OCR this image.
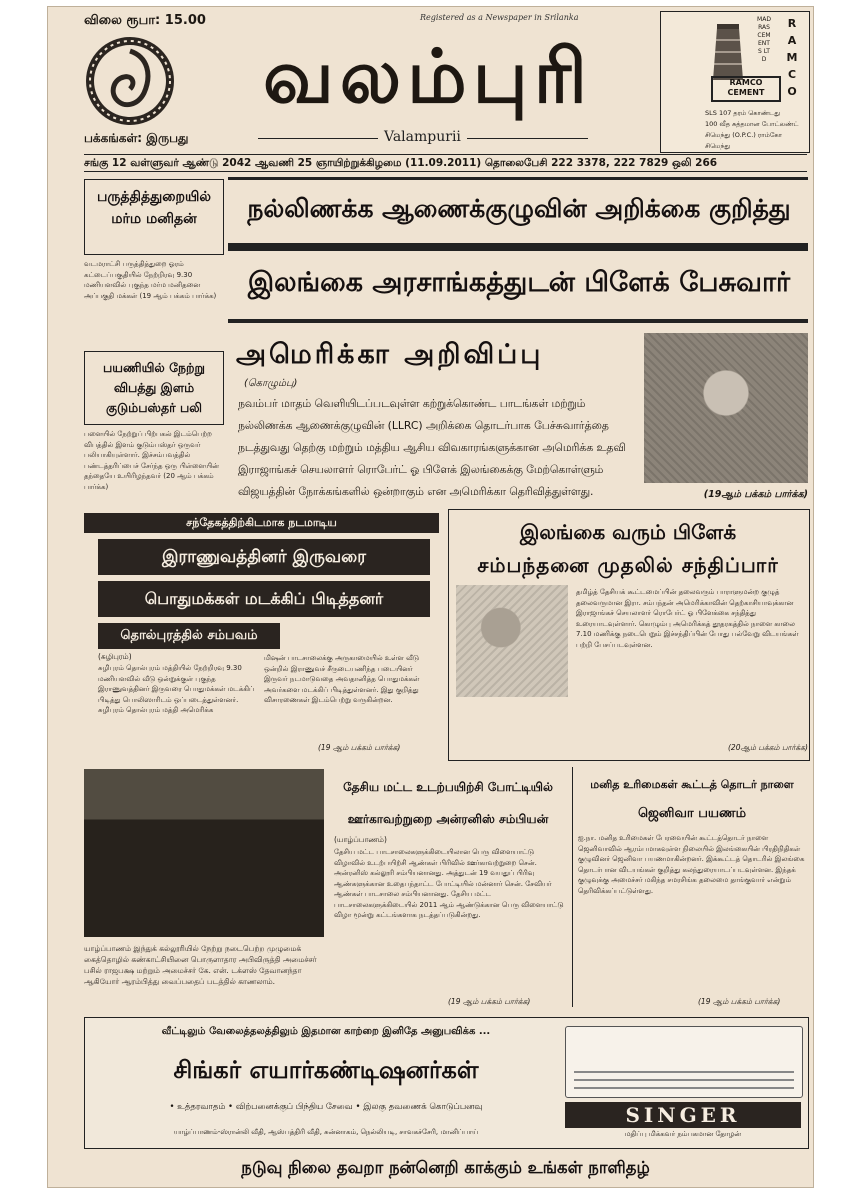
விலை ரூபா: 15.00	Registered as a Newspaper in Srilanka
வலம்புரி
Valampurii
பக்கங்கள்: இருபது
MADRAS CEMENTS LTD
RAMCO CEMENT
SLS 107 தரம் கொண்டது
100 வீத சுத்தமான போட்லண்ட்
சிமெந்து (O.P.C.) ராம்கோ சிமெந்து
R
A
M
C
O
சங்கு 12 வள்ளுவர் ஆண்டு 2042 ஆவணி 25 ஞாயிற்றுக்கிழமை (11.09.2011) தொலைபேசி 222 3378, 222 7829 ஒலி 266
பருத்தித்துறையில் மர்ம மனிதன்
வடமராட்சி பருத்தித்துறை ஓரம் கட்டைப்பகுதியில் நேற்றிரவு 9.30 மணியளவில் புகுந்த மர்ம மனிதனை அப்பகுதி மக்கள் (19 ஆம் பக்கம் பார்க்க)
பயணியில் நேற்று விபத்து இளம் குடும்பஸ்தர் பலி
பளையில் நேற்றுப் பிற்பகல் இடம்பெற்ற விபத்தில் இளம் குடும்பஸ்தர் ஒருவர் பலியாகியுள்ளார். இச்சம்பவத்தில் பண்டத்தரிப்பைச் சேர்ந்த ஒரு பிள்ளையின் தந்தையே உயிரிழந்தவர் (20 ஆம் பக்கம் பார்க்க)
நல்லிணக்க ஆணைக்குழுவின் அறிக்கை குறித்து
இலங்கை அரசாங்கத்துடன் பிளேக் பேசுவார்
அமெரிக்கா அறிவிப்பு
(கொழும்பு)
நவம்பர் மாதம் வெளியிடப்படவுள்ள கற்றுக்கொண்ட பாடங்கள் மற்றும் நல்லிணக்க ஆணைக்குழுவின் (LLRC) அறிக்கை தொடர்பாக பேச்சுவார்த்தை நடத்துவது தெற்கு மற்றும் மத்திய ஆசிய விவகாரங்களுக்கான அமெரிக்க உதவி இராஜாங்கச் செயலாளர் ரொபேர்ட் ஓ பிளேக் இலங்கைக்கு மேற்கொள்ளும் விஜயத்தின் நோக்கங்களில் ஒன்றாகும் என அமெரிக்கா தெரிவித்துள்ளது.	(19ஆம் பக்கம் பார்க்க)
சந்தேகத்திற்கிடமாக நடமாடிய
இராணுவத்தினர் இருவரை
பொதுமக்கள் மடக்கிப் பிடித்தனர்
தொல்புரத்தில் சம்பவம்
(சுழிபுரம்)
சுழிபுரம் தொல்புரம் மத்தியில் நேற்றிரவு 9.30 மணியளவில் வீடு ஒன்றுக்குள் புகுந்த இராணுவத்தினர் இருவரை பொதுமக்கள் மடக்கிப் பிடித்து பொலிஸாரிடம் ஒப்படைத்துள்ளனர். சுழிபுரம் தொல்புரம் மத்தி அமெரிக்க
மிஷன் பாடசாலைக்கு அருகாமையில் உள்ள வீடு ஒன்றில் இராணுவச் சீருடையணிந்த படையினர் இருவர் நடமாடுவதை அவதானித்த பொதுமக்கள் அவர்களை மடக்கிப் பிடித்துள்ளனர். இது குறித்து விசாரணைகள் இடம்பெற்று வருகின்றன.
(19 ஆம் பக்கம் பார்க்க)
இலங்கை வரும் பிளேக்
சம்பந்தனை முதலில் சந்திப்பார்
தமிழ்த் தேசியக் கூட்டமைப்பின் தலைவரும் பாராளுமன்ற குழுத் தலைவருமான இரா. சம்பந்தன் அமெரிக்காவின் தெற்காசியாவுக்கான இராஜாங்கச் செயலாளர் ரொபேர்ட் ஓ பிளேக்கை சந்தித்து உரையாடவுள்ளார். கொழும்பு அமெரிக்கத் தூதரகத்தில் நாளை காலை 7.10 மணிக்கு நடைபெறும் இச்சந்திப்பின் போது பல்வேறு விடயங்கள் பற்றி பேசப்படவுள்ளன.
(20ஆம் பக்கம் பார்க்க)
யாழ்ப்பாணம் இந்துக் கல்லூரியில் நேற்று நடைபெற்ற முழுமைக் கைத்தொழில் கண்காட்சியினை பொருளாதார அபிவிருத்தி அமைச்சர் பசில் ராஜபக்ஷ மற்றும் அமைச்சர் கே. என். டக்ளஸ் தேவானந்தா ஆகியோர் ஆரம்பித்து வைப்பதைப் படத்தில் காணலாம்.
தேசிய மட்ட உடற்பயிற்சி போட்டியில்
ஊர்காவற்றுறை அன்ரனிஸ் சம்பியன்
(யாழ்ப்பாணம்)
தேசிய மட்ட பாடசாலைகளுக்கிடையிலான பெரு விளையாட்டு விழாவில் உடற்பயிற்சி ஆண்கள் பிரிவில் ஊர்காவற்றுறை சென். அன்ரனிஸ் கல்லூரி சம்பியனானது. அத்துடன் 19 வயதுப் பிரிவு ஆண்களுக்கான உதைபந்தாட்ட போட்டியில் மன்னார் சென். சேவியர் ஆண்கள் பாடசாலை சம்பியனானது. தேசிய மட்ட பாடசாலைகளுக்கிடையில் 2011 ஆம் ஆண்டுக்கான பெரு விளையாட்டு விழா மூன்று கட்டங்களாக நடத்தப்படுகின்றது.
(19 ஆம் பக்கம் பார்க்க)
மனித உரிமைகள் கூட்டத் தொடர் நாளை
ஜெனிவா பயணம்
ஐ.நா. மனித உரிமைகள் பேரவையின் கூட்டத்தொடர் நாளை ஜெனிவாவில் ஆரம்பமாகவுள்ள நிலையில் இலங்கையின் பிரதிநிதிகள் குழுவினர் ஜெனிவா பயணமாகின்றனர். இக்கூட்டத் தொடரில் இலங்கை தொடர்பான விடயங்கள் குறித்து கலந்துரையாடப்படவுள்ளன. இந்தக் குழுவுக்கு அமைச்சர் மகிந்த சமரசிங்க தலைமை தாங்குவார் என்றும் தெரிவிக்கப்பட்டுள்ளது.
(19 ஆம் பக்கம் பார்க்க)
வீட்டிலும் வேலைத்தலத்திலும் இதமான காற்றை இனிதே அனுபவிக்க ...
சிங்கர் எயார்கண்டிஷனர்கள்
• உத்தரவாதம் • விற்பனைக்குப் பிந்திய சேவை • இலகு தவணைக் கொடுப்பனவு
யாழ்ப்பாணம்-ஸ்ரான்லி வீதி, ஆஸ்பத்திரி வீதி, சுன்னாகம், நெல்லியடி, சாவகச்சேரி, மானிப்பாய்
SINGER
மதிப்பு மிக்கவர் நம்பகமான தோழன்
நடுவு நிலை தவறா நன்னெறி காக்கும் உங்கள் நாளிதழ்
